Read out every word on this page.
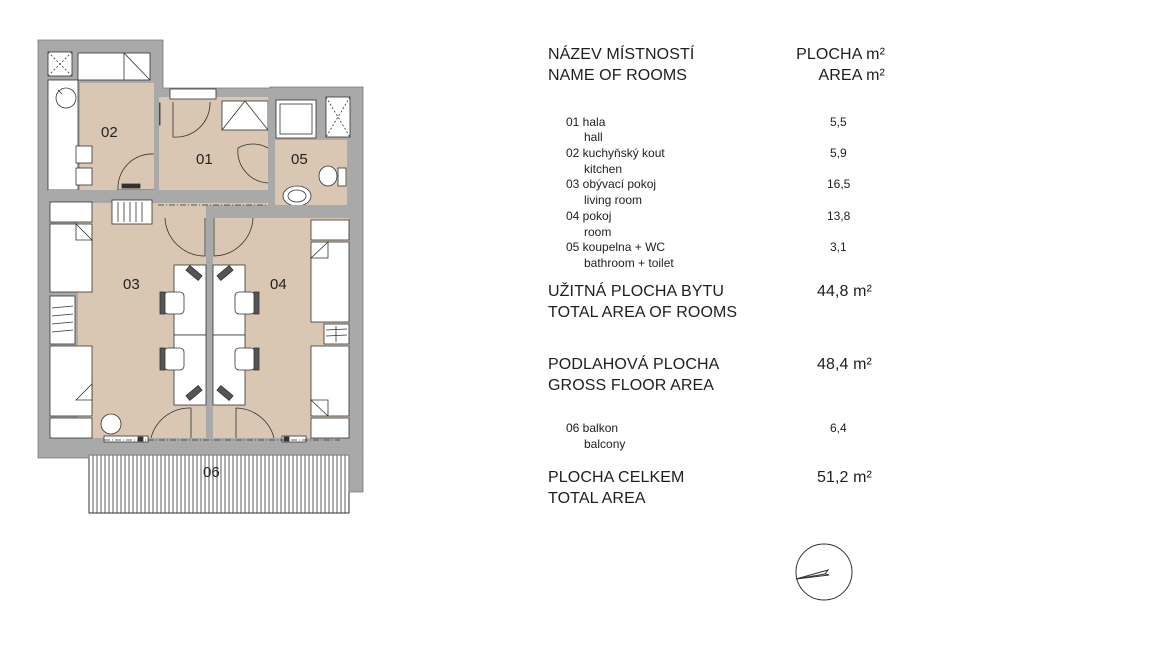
02
01	05
03	04
06
NÁZEV MÍSTNOSTÍ
NAME OF ROOMS
PLOCHA m²
AREA m²
01 hala
hall
5,5
02 kuchyňský kout
kitchen
5,9
03 obývací pokoj
living room
16,5
04 pokoj
room
13,8
05 koupelna + WC
bathroom + toilet
3,1
UŽITNÁ PLOCHA BYTU
TOTAL AREA OF ROOMS
44,8 m²
PODLAHOVÁ PLOCHA
GROSS FLOOR AREA
48,4 m²
06 balkon
balcony
6,4
PLOCHA CELKEM
TOTAL AREA
51,2 m²
